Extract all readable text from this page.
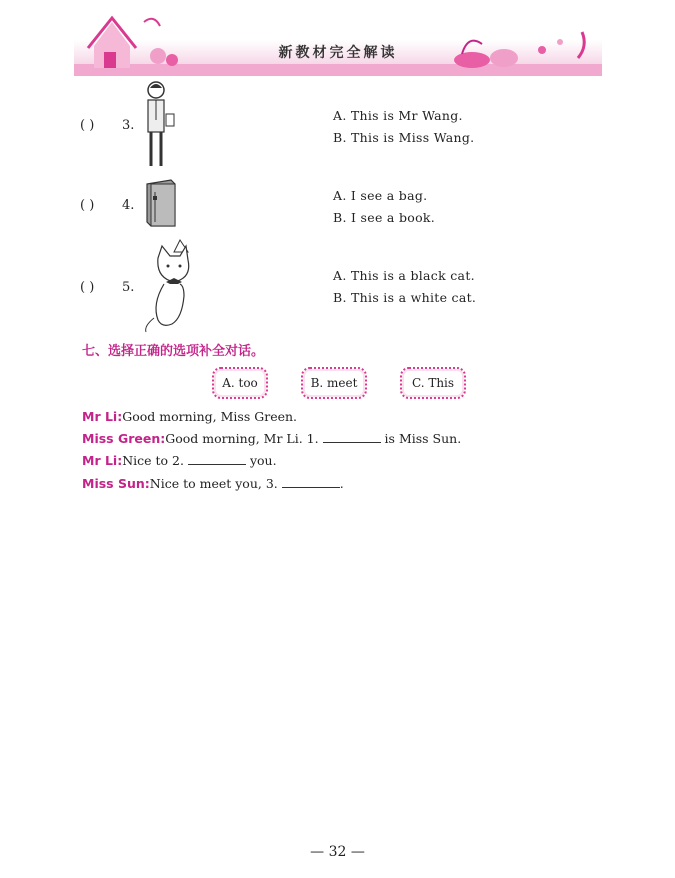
新教材完全解读
( ) 3.
A. This is Mr Wang.
B. This is Miss Wang.
( ) 4.
A. I see a bag.
B. I see a book.
( ) 5.
A. This is a black cat.
B. This is a white cat.
七、选择正确的选项补全对话。
A. too	B. meet	C. This
Mr Li:Good morning, Miss Green.
Miss Green:Good morning, Mr Li. 1.	is Miss Sun.
Mr Li:Nice to 2.	you.
Miss Sun:Nice to meet you, 3.	.
— 32 —
